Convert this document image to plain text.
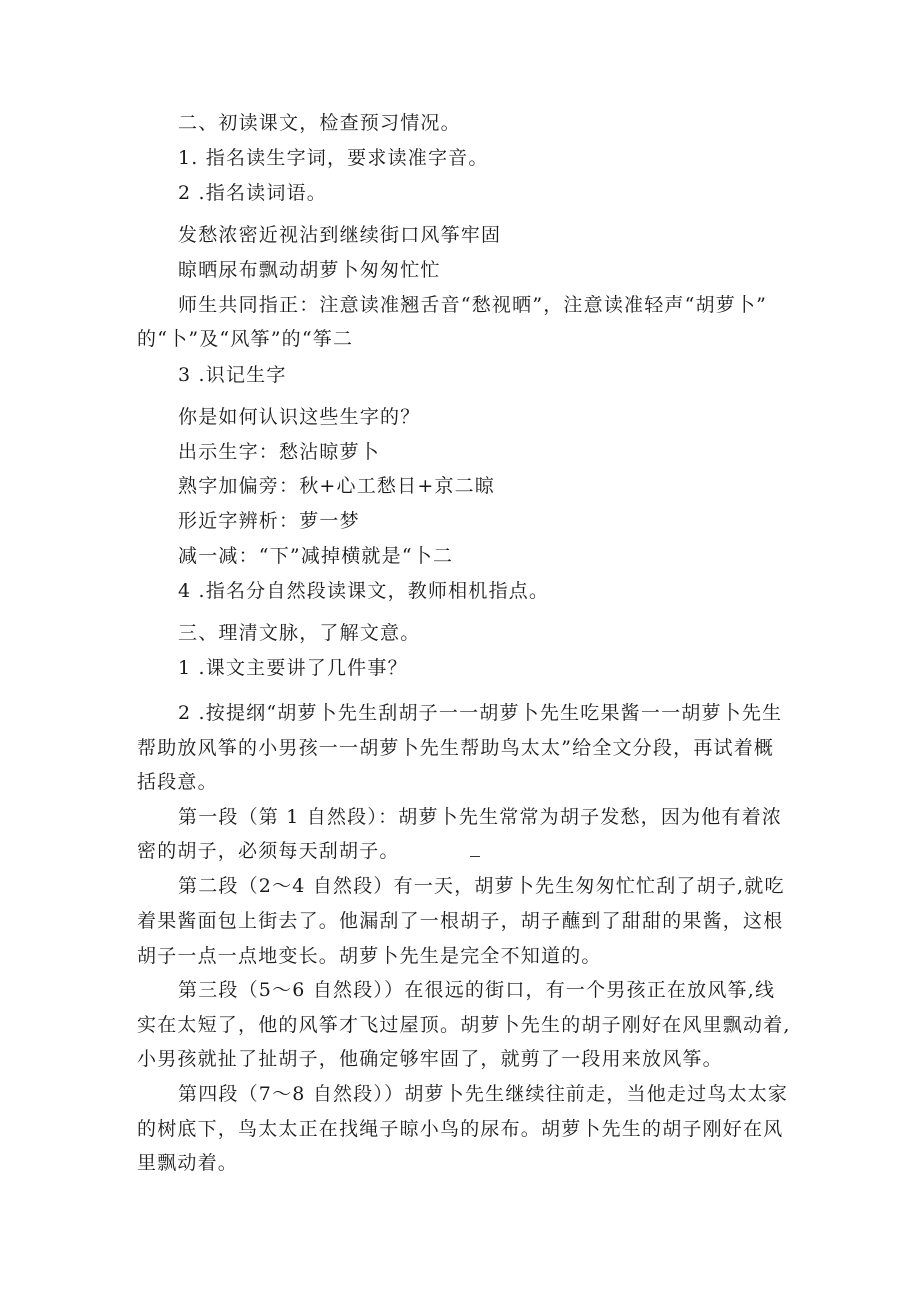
二、初读课文，检查预习情况。
1. 指名读生字词，要求读准字音。
2 .指名读词语。
发愁浓密近视沾到继续街口风筝牢固
晾晒尿布飘动胡萝卜匆匆忙忙
师生共同指正：注意读准翘舌音“愁视晒”，注意读准轻声“胡萝卜”
的“卜”及“风筝”的“筝二
3 .识记生字
你是如何认识这些生字的？
出示生字：愁沾晾萝卜
熟字加偏旁：秋+心工愁日+京二晾
形近字辨析：萝一梦
减一减：“下”减掉横就是“卜二
4 .指名分自然段读课文，教师相机指点。
三、理清文脉，了解文意。
1 .课文主要讲了几件事？
2 .按提纲“胡萝卜先生刮胡子一一胡萝卜先生吃果酱一一胡萝卜先生
帮助放风筝的小男孩一一胡萝卜先生帮助鸟太太”给全文分段，再试着概
括段意。
第一段（第 1 自然段）：胡萝卜先生常常为胡子发愁，因为他有着浓
密的胡子，必须每天刮胡子。
第二段（2～4 自然段）有一天，胡萝卜先生匆匆忙忙刮了胡子,就吃
着果酱面包上街去了。他漏刮了一根胡子，胡子蘸到了甜甜的果酱，这根
胡子一点一点地变长。胡萝卜先生是完全不知道的。
第三段（5～6 自然段））在很远的街口，有一个男孩正在放风筝,线
实在太短了，他的风筝才飞过屋顶。胡萝卜先生的胡子刚好在风里飘动着,
小男孩就扯了扯胡子，他确定够牢固了，就剪了一段用来放风筝。
第四段（7～8 自然段））胡萝卜先生继续往前走，当他走过鸟太太家
的树底下，鸟太太正在找绳子晾小鸟的尿布。胡萝卜先生的胡子刚好在风
里飘动着。
